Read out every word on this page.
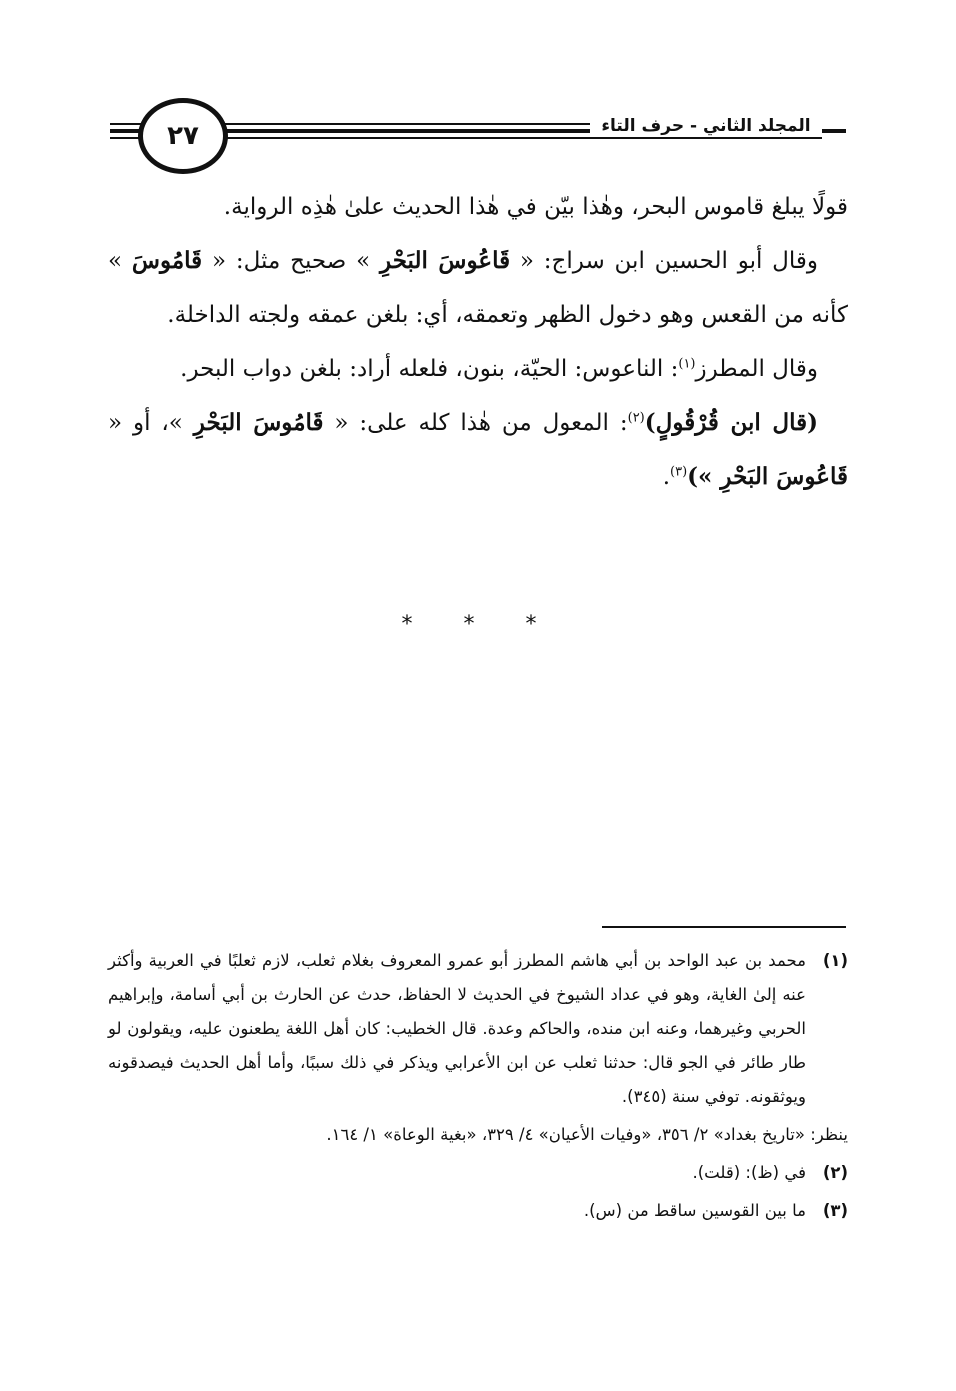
٢٧	المجلد الثاني - حرف التاء

قولًا يبلغ قاموس البحر، وهٰذا بيّن في هٰذا الحديث علىٰ هٰذِه الرواية.

وقال أبو الحسين ابن سراج: « قَاعُوسَ البَحْرِ » صحيح مثل: « قَامُوسَ » كأنه من القعس وهو دخول الظهر وتعمقه، أي: بلغن عمقه ولجته الداخلة.

وقال المطرز$^{(١)}$: الناعوس: الحيّة، بنون، فلعله أراد: بلغن دواب البحر.

(قال ابن قُرْقُولٍ)$^{(٢)}$: المعول من هٰذا كله على: « قَامُوسَ البَحْرِ »، أو « قَاعُوسَ البَحْرِ »)$^{(٣)}$.

* * *
(١)

محمد بن عبد الواحد بن أبي هاشم المطرز أبو عمرو المعروف بغلام ثعلب، لازم ثعلبًا في العربية وأكثر عنه إلىٰ الغاية، وهو في عداد الشيوخ في الحديث لا الحفاظ، حدث عن الحارث بن أبي أسامة، وإبراهيم الحربي وغيرهما، وعنه ابن منده، والحاكم وعدة. قال الخطيب: كان أهل اللغة يطعنون عليه، ويقولون لو طار طائر في الجو قال: حدثنا ثعلب عن ابن الأعرابي ويذكر في ذلك سببًا، وأما أهل الحديث فيصدقونه ويوثقونه. توفي سنة (٣٤٥).

ينظر: «تاريخ بغداد» ٢/ ٣٥٦، «وفيات الأعيان» ٤/ ٣٢٩، «بغية الوعاة» ١/ ١٦٤.

(٢)
في (ظ): (قلت).
(٣)
ما بين القوسين ساقط من (س).
